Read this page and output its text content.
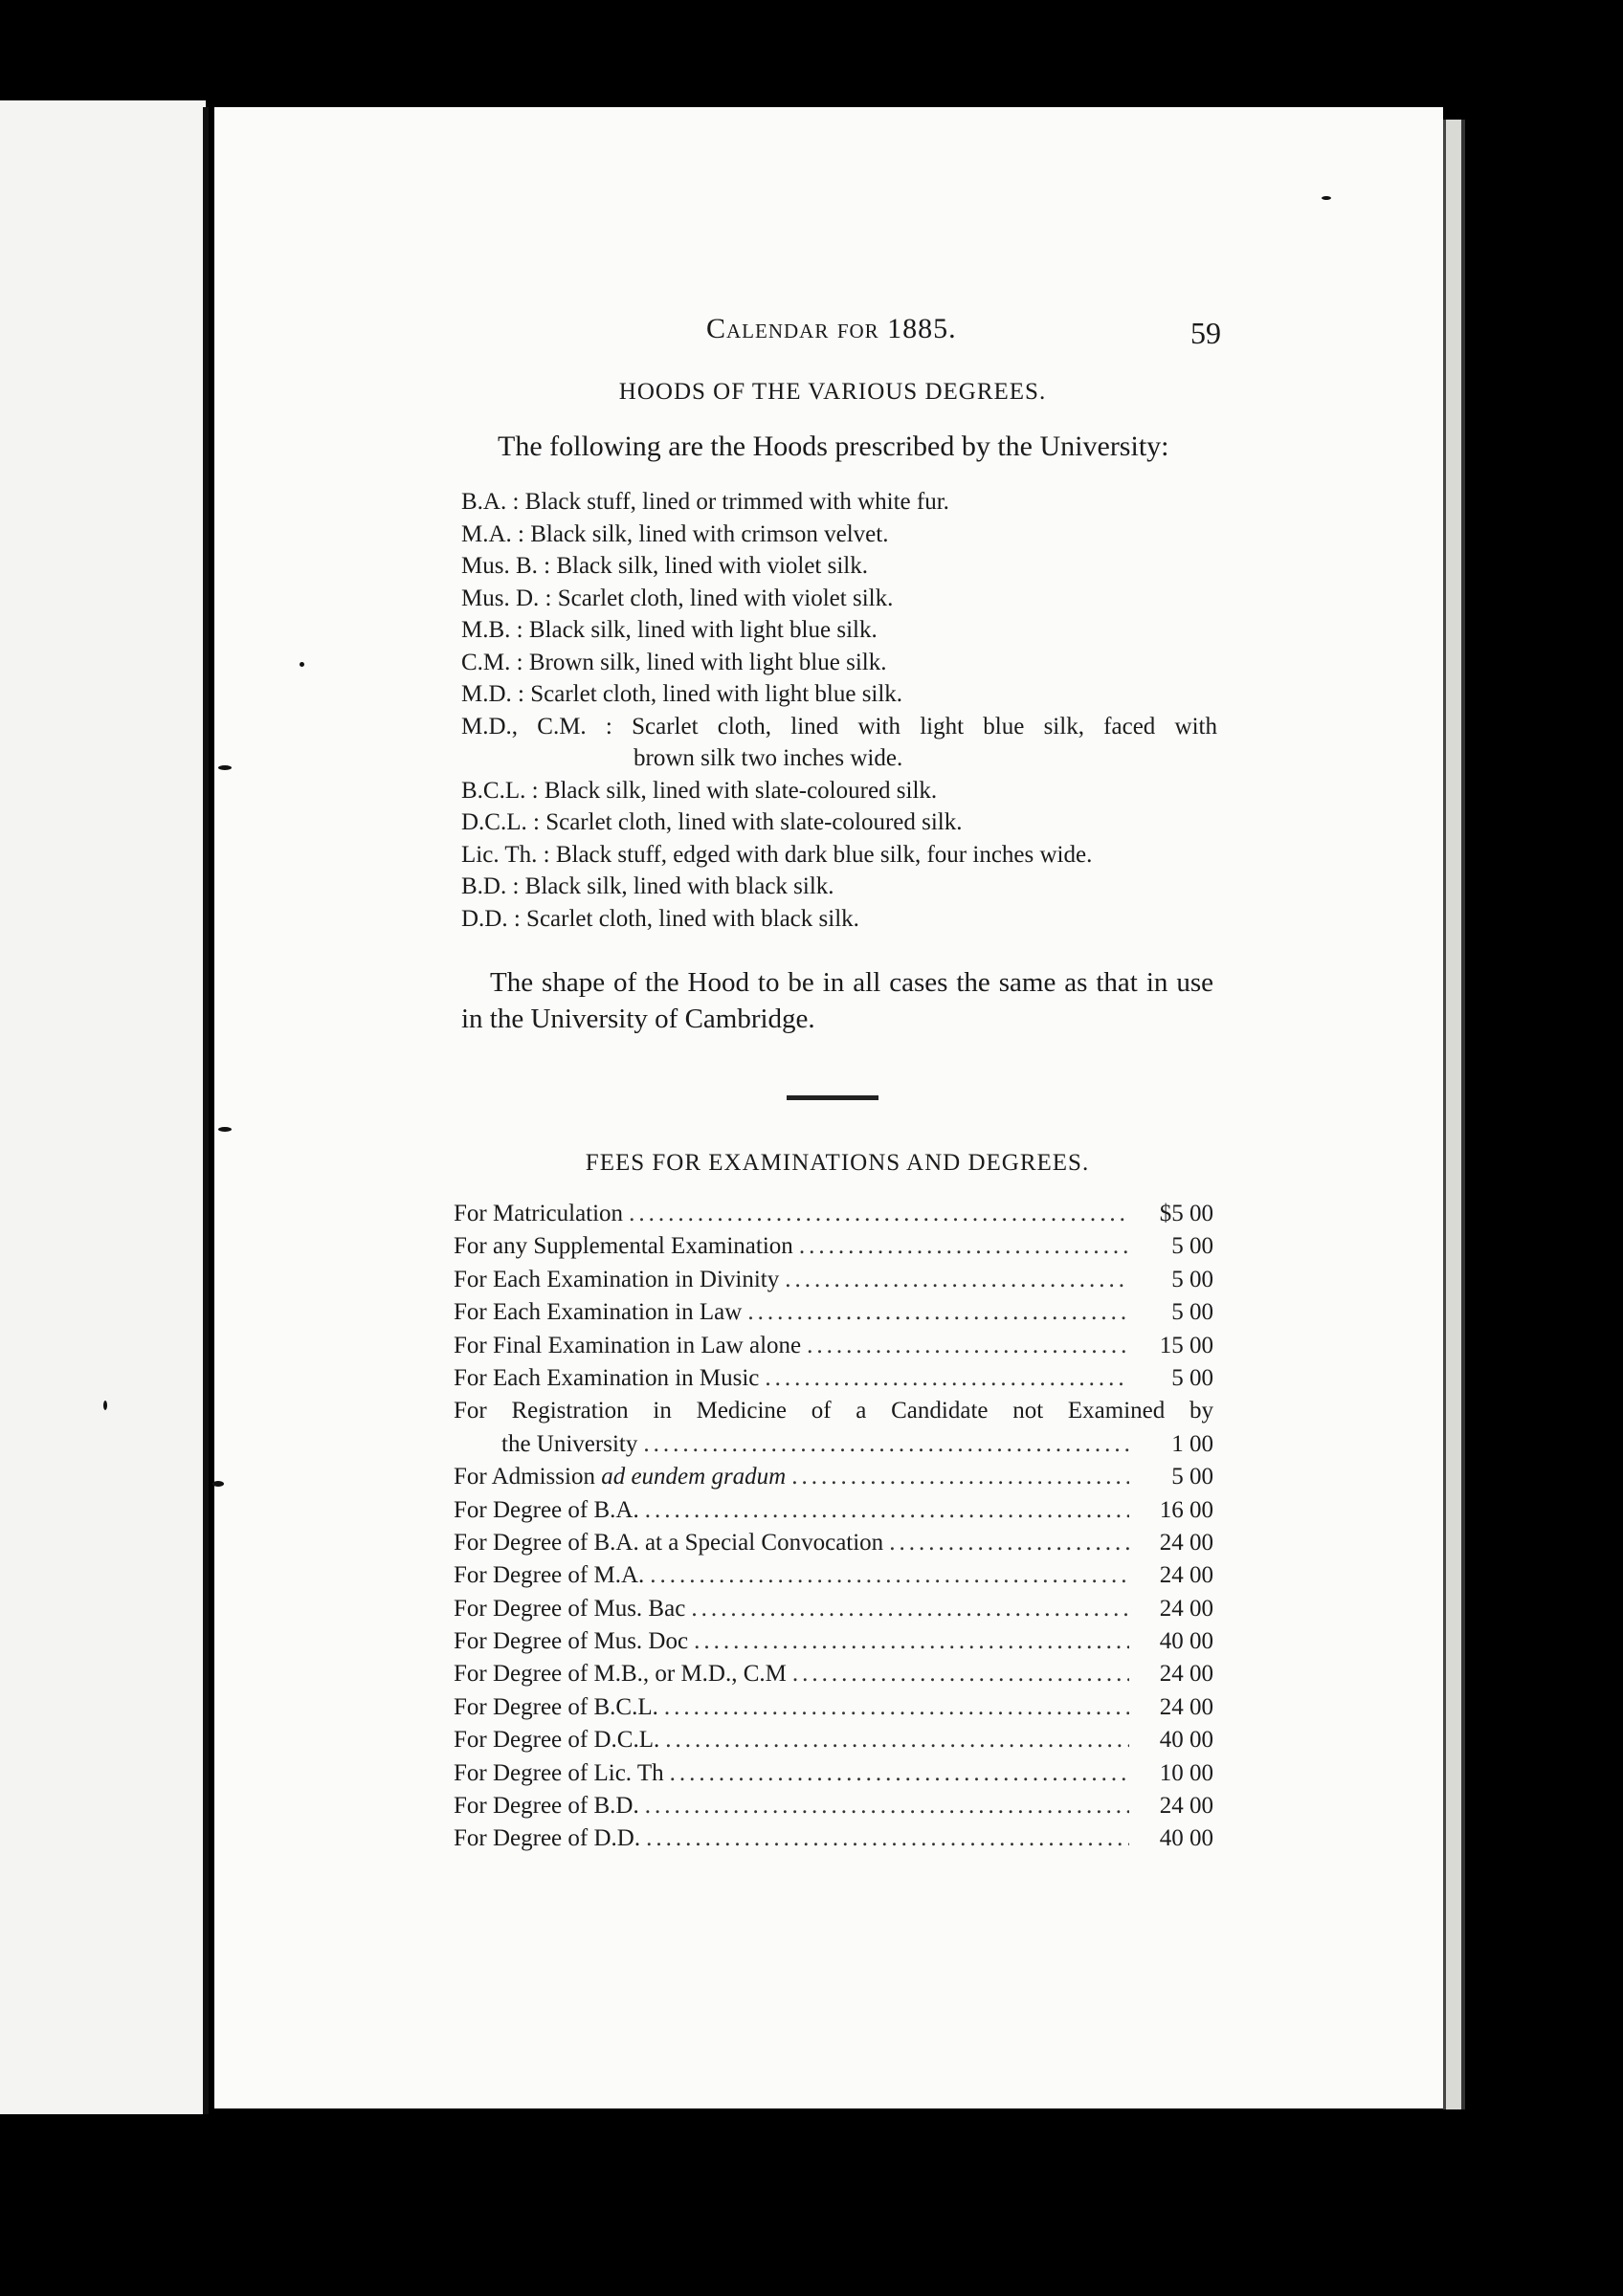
Calendar for 1885.	59
HOODS OF THE VARIOUS DEGREES.
The following are the Hoods prescribed by the University:
B.A. : Black stuff, lined or trimmed with white fur.
M.A. : Black silk, lined with crimson velvet.
Mus. B. : Black silk, lined with violet silk.
Mus. D. : Scarlet cloth, lined with violet silk.
M.B. : Black silk, lined with light blue silk.
C.M. : Brown silk, lined with light blue silk.
M.D. : Scarlet cloth, lined with light blue silk.
M.D., C.M. : Scarlet cloth, lined with light blue silk, faced with
brown silk two inches wide.
B.C.L. : Black silk, lined with slate-coloured silk.
D.C.L. : Scarlet cloth, lined with slate-coloured silk.
Lic. Th. : Black stuff, edged with dark blue silk, four inches wide.
B.D. : Black silk, lined with black silk.
D.D. : Scarlet cloth, lined with black silk.

The shape of the Hood to be in all cases the same as that in use in the University of Cambridge.

FEES FOR EXAMINATIONS AND DEGREES.
For Matriculation .....	$5 00
For any Supplemental Examination .....	5 00
For Each Examination in Divinity .....	5 00
For Each Examination in Law .....	5 00
For Final Examination in Law alone .....	15 00
For Each Examination in Music .....	5 00
For Registration in Medicine of a Candidate not Examined by
the University .....	1 00
For Admission ad eundem gradum .....	5 00
For Degree of B.A. .....	16 00
For Degree of B.A. at a Special Convocation .....	24 00
For Degree of M.A. .....	24 00
For Degree of Mus. Bac .....	24 00
For Degree of Mus. Doc .....	40 00
For Degree of M.B., or M.D., C.M .....	24 00
For Degree of B.C.L. .....	24 00
For Degree of D.C.L. .....	40 00
For Degree of Lic. Th .....	10 00
For Degree of B.D. .....	24 00
For Degree of D.D. .....	40 00
